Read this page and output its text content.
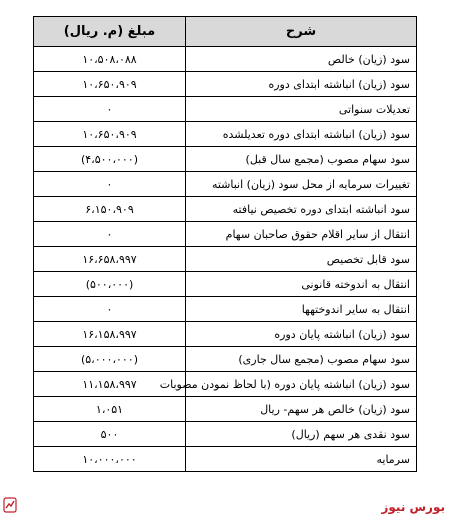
شرح	مبلغ (م. ریال)
سود (زیان) خالص	۱۰،۵۰۸،۰۸۸
سود (زیان) انباشته ابتدای دوره	۱۰،۶۵۰،۹۰۹
تعدیلات سنواتی	۰
سود (زیان) انباشته ابتدای دوره تعدیلشده	۱۰،۶۵۰،۹۰۹
سود سهام مصوب (مجمع سال قبل)	(۴،۵۰۰،۰۰۰)
تغییرات سرمایه از محل سود (زیان) انباشته	۰
سود انباشته ابتدای دوره تخصیص نیافته	۶،۱۵۰،۹۰۹
انتقال از سایر اقلام حقوق صاحبان سهام	۰
سود قابل تخصیص	۱۶،۶۵۸،۹۹۷
انتقال به اندوخته قانونی	(۵۰۰،۰۰۰)
انتقال به سایر اندوختهها	۰
سود (زیان) انباشته پایان دوره	۱۶،۱۵۸،۹۹۷
سود سهام مصوب (مجمع سال جاری)	(۵،۰۰۰،۰۰۰)
سود (زیان) انباشته پایان دوره (با لحاظ نمودن مصوبات	۱۱،۱۵۸،۹۹۷
سود (زیان) خالص هر سهم- ریال	۱،۰۵۱
سود نقدی هر سهم (ریال)	۵۰۰
سرمایه	۱۰،۰۰۰،۰۰۰
بورس نیوز
